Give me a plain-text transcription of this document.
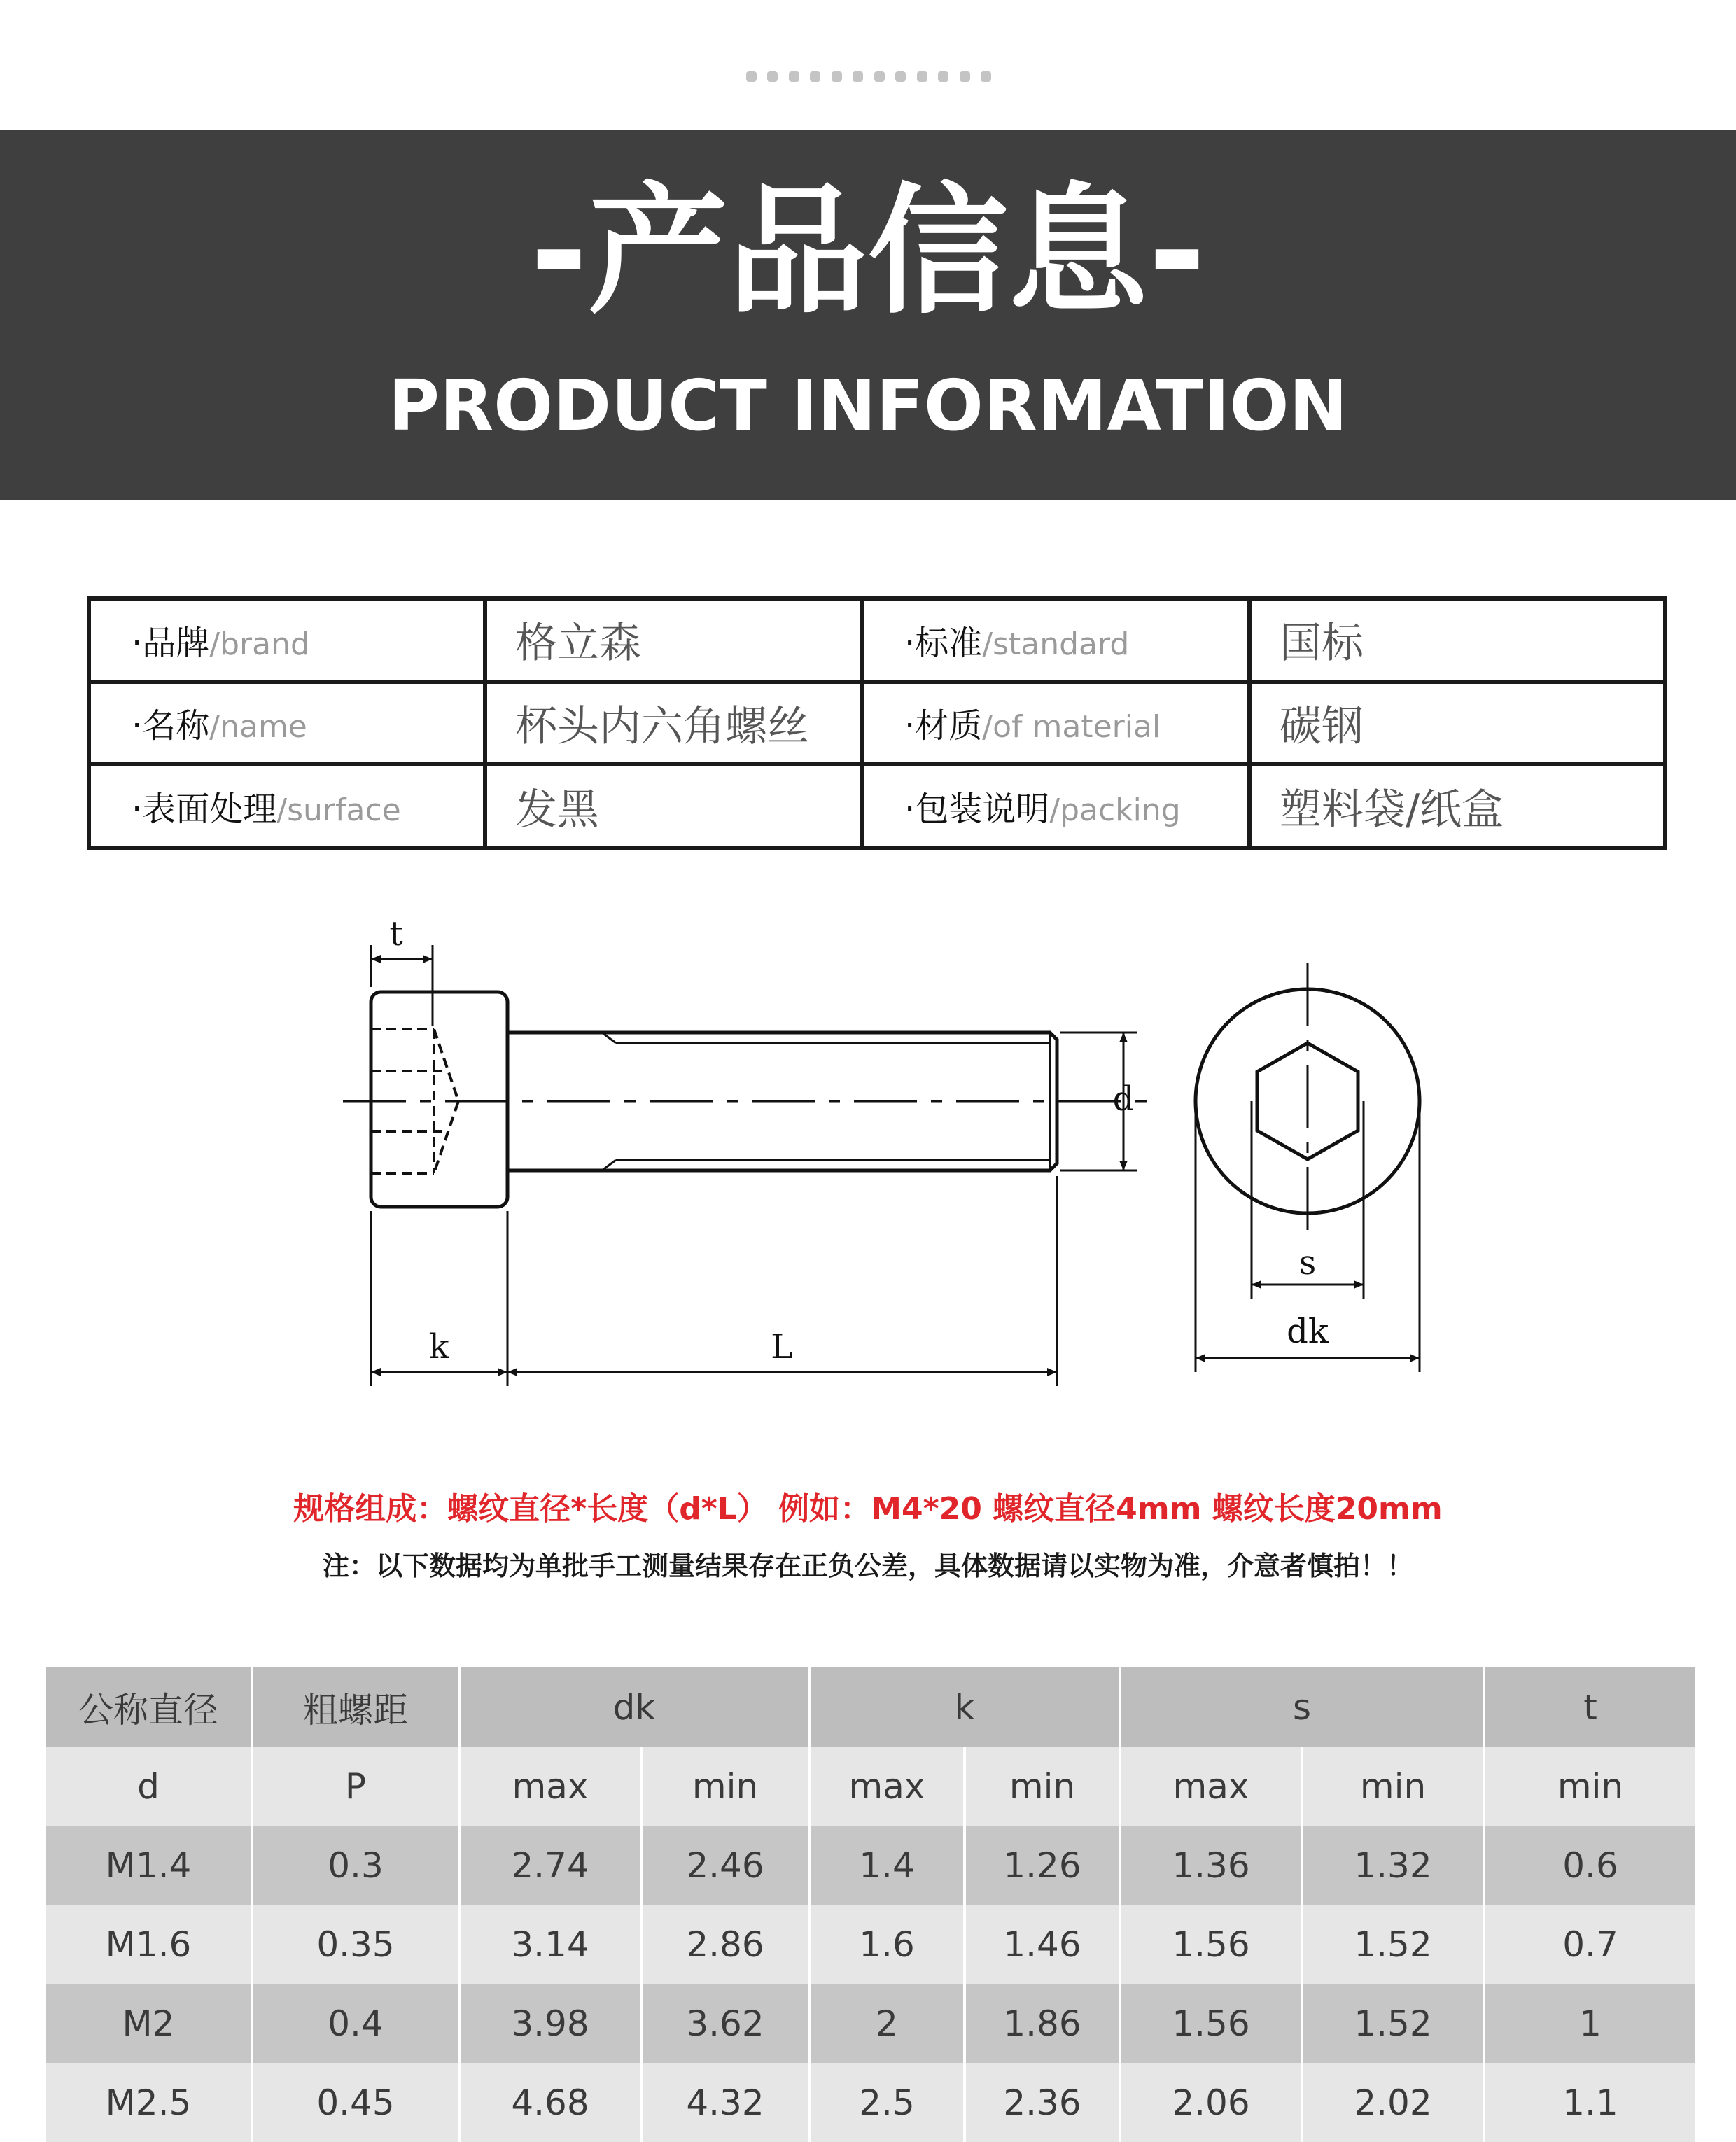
-产品信息-
PRODUCT INFORMATION
·品牌/brand	格立森	·标准/standard	国标
·名称/name	杯头内六角螺丝	·材质/of material	碳钢
·表面处理/surface	发黑	·包装说明/packing	塑料袋/纸盒
t
d
k	L
s
dk
规格组成：螺纹直径*长度（d*L） 例如：M4*20 螺纹直径4mm 螺纹长度20mm
注：以下数据均为单批手工测量结果存在正负公差，具体数据请以实物为准，介意者慎拍！！
公称直径	粗螺距	dk		k		s		t
d	P	max	min	max	min	max	min	min
M1.4	0.3	2.74	2.46	1.4	1.26	1.36	1.32	0.6
M1.6	0.35	3.14	2.86	1.6	1.46	1.56	1.52	0.7
M2	0.4	3.98	3.62	2	1.86	1.56	1.52	1
M2.5	0.45	4.68	4.32	2.5	2.36	2.06	2.02	1.1
